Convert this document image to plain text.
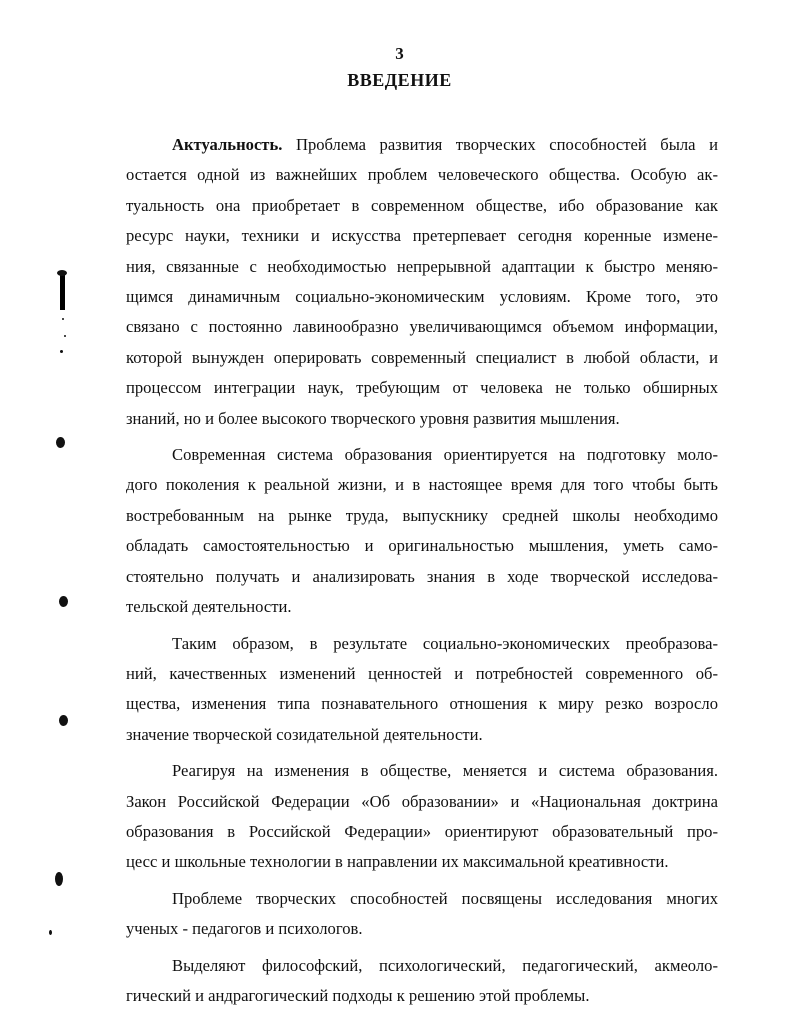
3
ВВЕДЕНИЕ
Актуальность. Проблема развития творческих способностей была и
остается одной из важнейших проблем человеческого общества. Особую ак-
туальность она приобретает в современном обществе, ибо образование как
ресурс науки, техники и искусства претерпевает сегодня коренные измене-
ния, связанные с необходимостью непрерывной адаптации к быстро меняю-
щимся динамичным социально-экономическим условиям. Кроме того, это
связано с постоянно лавинообразно увеличивающимся объемом информации,
которой вынужден оперировать современный специалист в любой области, и
процессом интеграции наук, требующим от человека не только обширных
знаний, но и более высокого творческого уровня развития мышления.
Современная система образования ориентируется на подготовку моло-
дого поколения к реальной жизни, и в настоящее время для того чтобы быть
востребованным на рынке труда, выпускнику средней школы необходимо
обладать самостоятельностью и оригинальностью мышления, уметь само-
стоятельно получать и анализировать знания в ходе творческой исследова-
тельской деятельности.
Таким образом, в результате социально-экономических преобразова-
ний, качественных изменений ценностей и потребностей современного об-
щества, изменения типа познавательного отношения к миру резко возросло
значение творческой созидательной деятельности.
Реагируя на изменения в обществе, меняется и система образования.
Закон Российской Федерации «Об образовании» и «Национальная доктрина
образования в Российской Федерации» ориентируют образовательный про-
цесс и школьные технологии в направлении их максимальной креативности.
Проблеме творческих способностей посвящены исследования многих
ученых - педагогов и психологов.
Выделяют философский, психологический, педагогический, акмеоло-
гический и андрагогический подходы к решению этой проблемы.
